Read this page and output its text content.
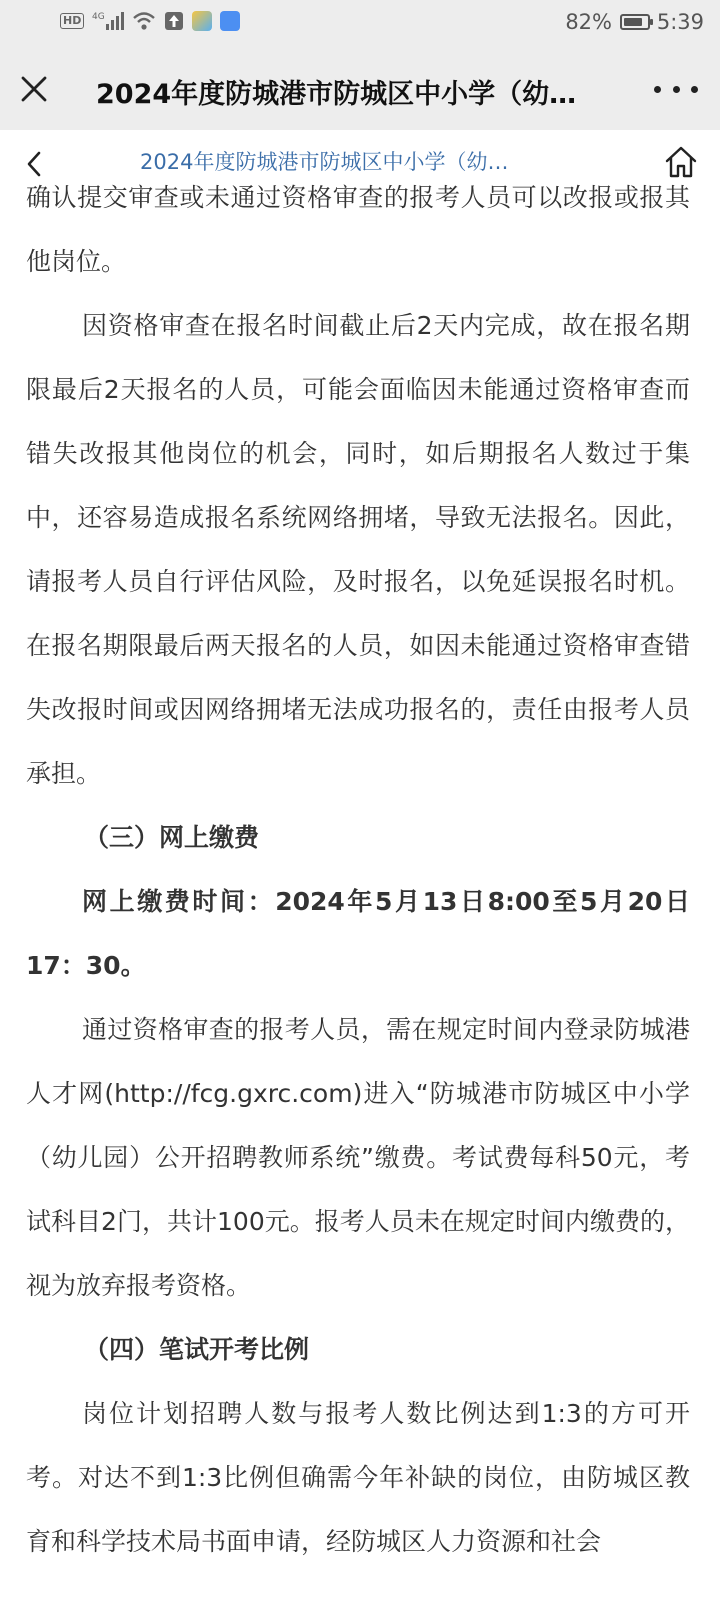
HD	4G	82% 5:39
2024年度防城港市防城区中小学（幼…
2024年度防城港市防城区中小学（幼…

确认提交审查或未通过资格审查的报考人员可以改报或报其他岗位。

因资格审查在报名时间截止后2天内完成，故在报名期限最后2天报名的人员，可能会面临因未能通过资格审查而错失改报其他岗位的机会，同时，如后期报名人数过于集中，还容易造成报名系统网络拥堵，导致无法报名。因此，请报考人员自行评估风险，及时报名，以免延误报名时机。在报名期限最后两天报名的人员，如因未能通过资格审查错失改报时间或因网络拥堵无法成功报名的，责任由报考人员承担。

（三）网上缴费

网上缴费时间：2024年5月13日8:00至5月20日17：30。

通过资格审查的报考人员，需在规定时间内登录防城港人才网(http://fcg.gxrc.com)进入“防城港市防城区中小学（幼儿园）公开招聘教师系统”缴费。考试费每科50元，考试科目2门，共计100元。报考人员未在规定时间内缴费的，视为放弃报考资格。

（四）笔试开考比例

岗位计划招聘人数与报考人数比例达到1:3的方可开考。对达不到1:3比例但确需今年补缺的岗位，由防城区教育和科学技术局书面申请，经防城区人力资源和社会
